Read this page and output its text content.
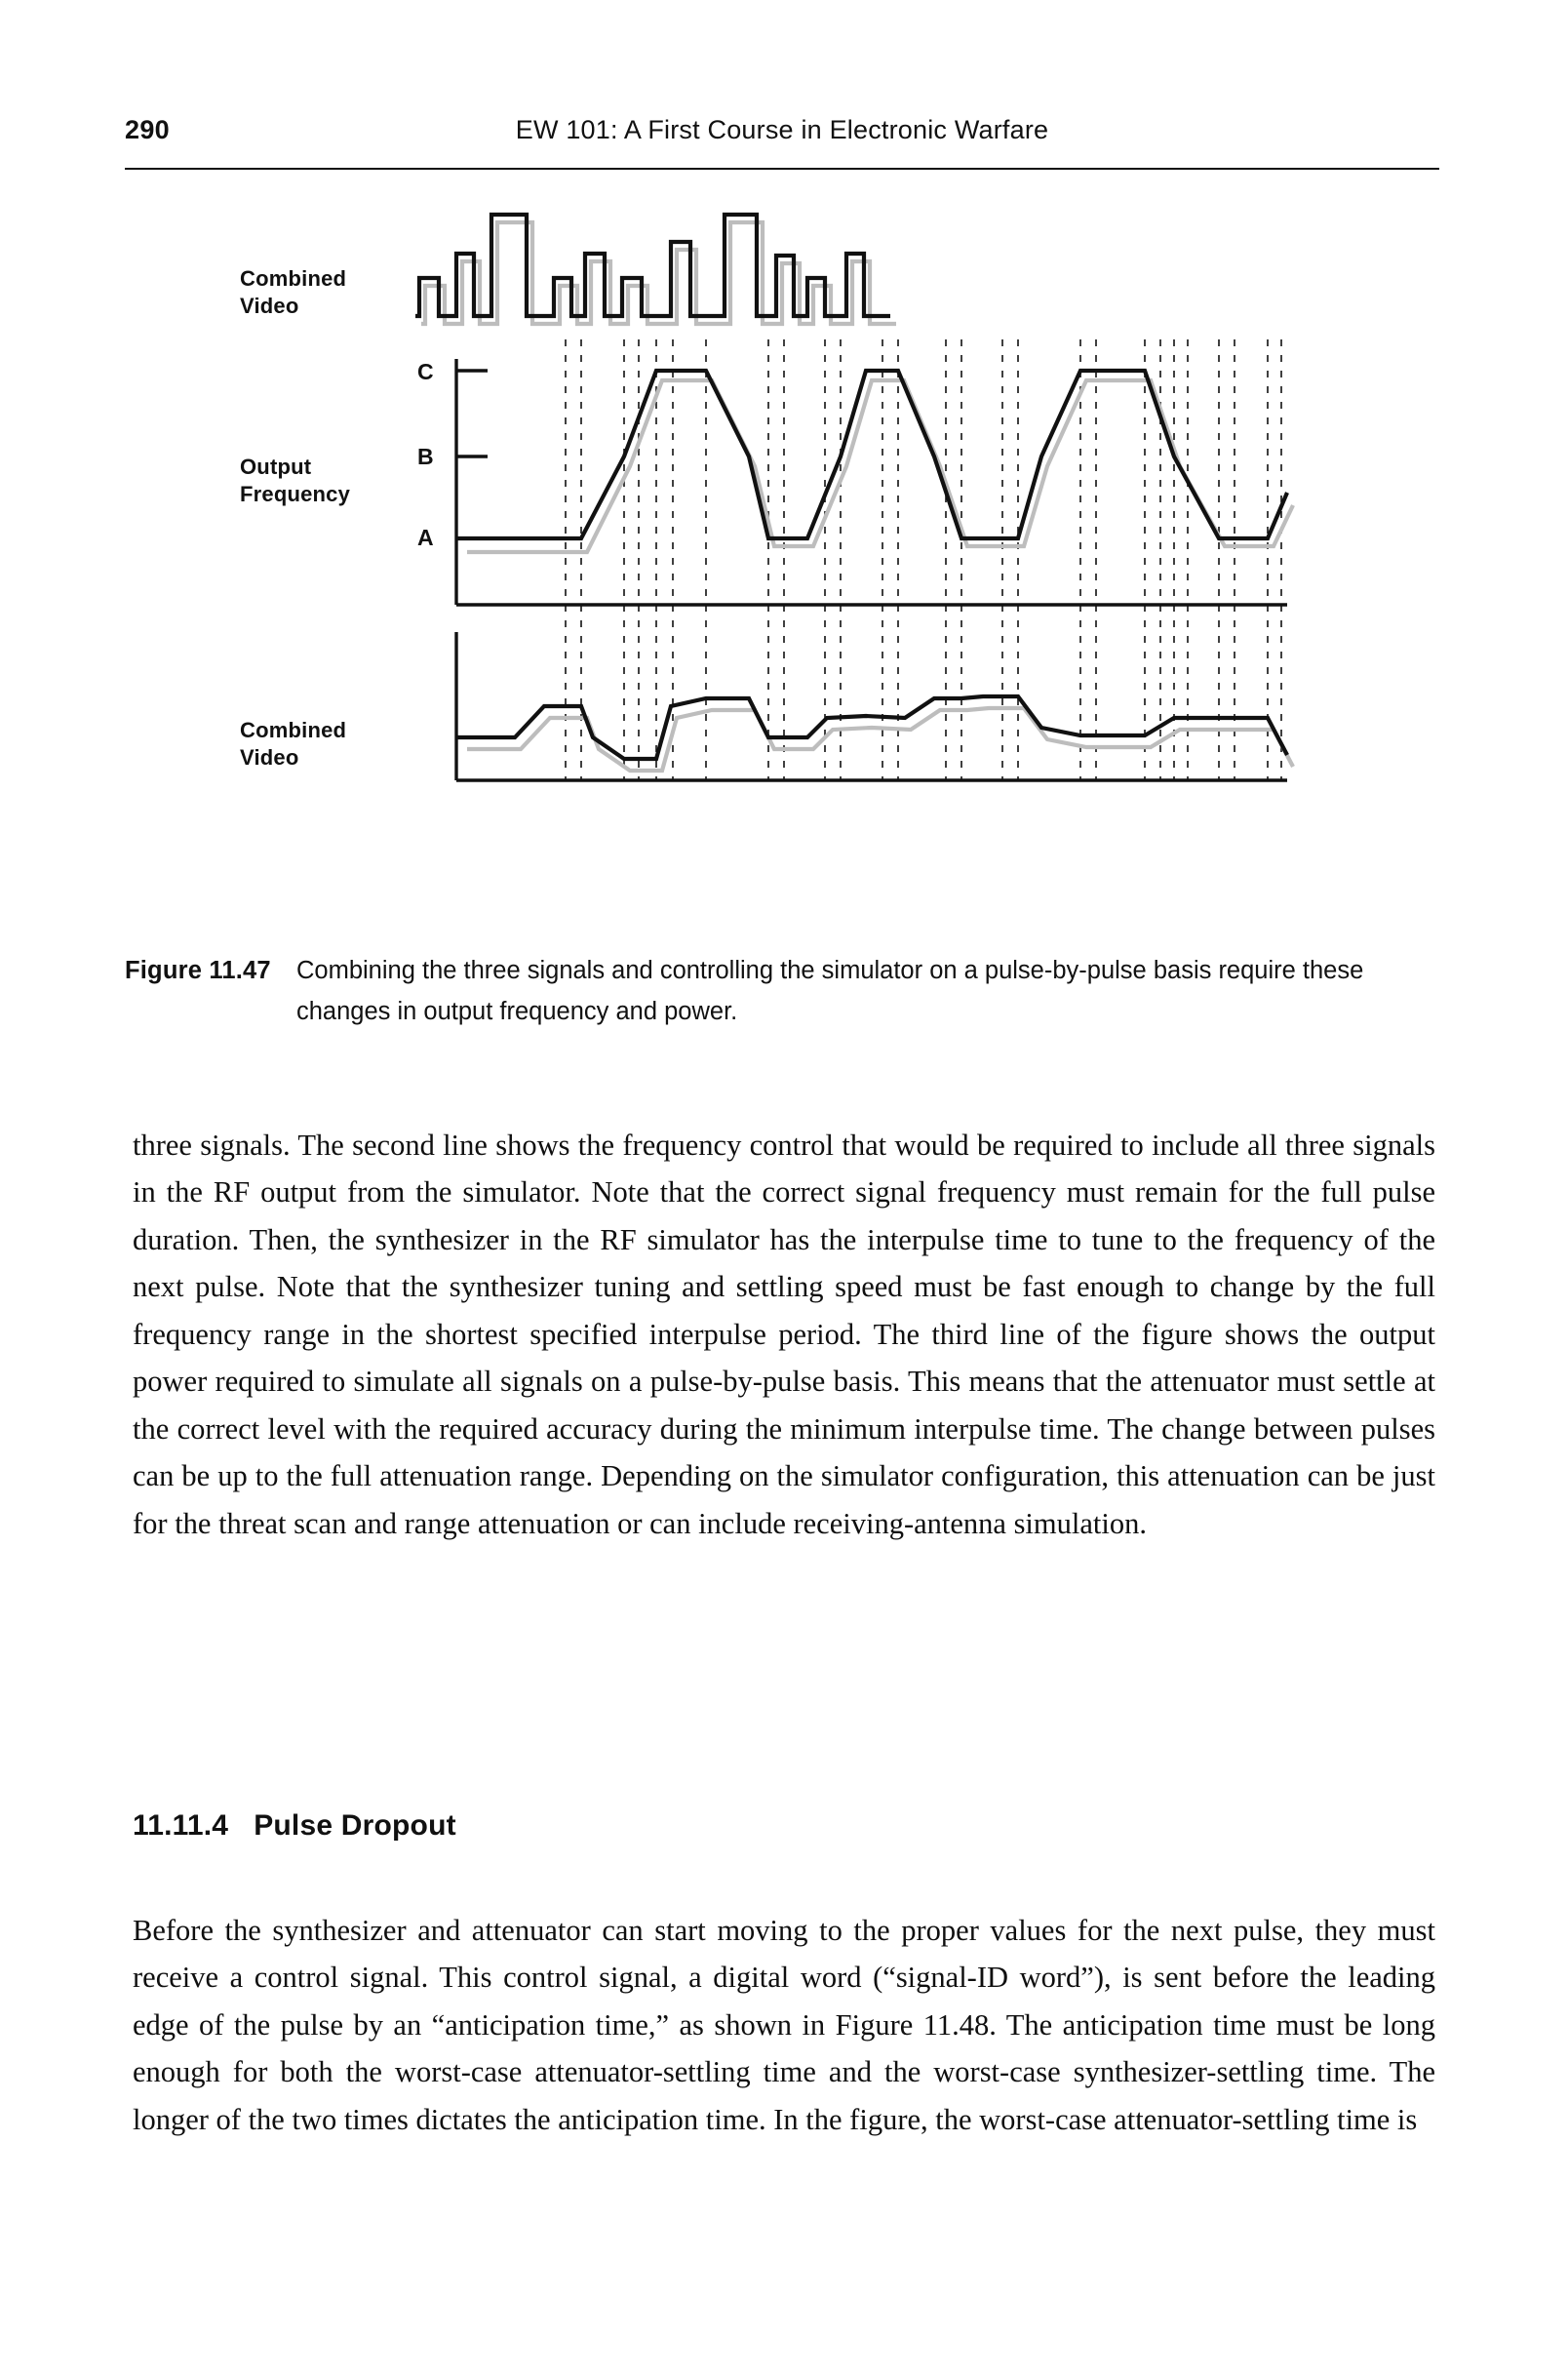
290	EW 101: A First Course in Electronic Warfare
Combined
Video
Output
Frequency
Combined
Video
C
B
A
Figure 11.47 Combining the three signals and controlling the simulator on a pulse-by-pulse basis require these changes in output frequency and power.
three signals. The second line shows the frequency control that would be required to include all three signals in the RF output from the simulator. Note that the correct signal frequency must remain for the full pulse duration. Then, the synthesizer in the RF simulator has the interpulse time to tune to the frequency of the next pulse. Note that the synthesizer tuning and settling speed must be fast enough to change by the full frequency range in the shortest specified interpulse period. The third line of the figure shows the output power required to simulate all signals on a pulse-by-pulse basis. This means that the attenuator must settle at the correct level with the required accuracy during the minimum interpulse time. The change between pulses can be up to the full attenuation range. Depending on the simulator configuration, this attenuation can be just for the threat scan and range attenuation or can include receiving-antenna simulation.
11.11.4 Pulse Dropout
Before the synthesizer and attenuator can start moving to the proper values for the next pulse, they must receive a control signal. This control signal, a digital word (“signal-ID word”), is sent before the leading edge of the pulse by an “anticipation time,” as shown in Figure 11.48. The anticipation time must be long enough for both the worst-case attenuator-settling time and the worst-case synthesizer-settling time. The longer of the two times dictates the anticipation time. In the figure, the worst-case attenuator-settling time is
